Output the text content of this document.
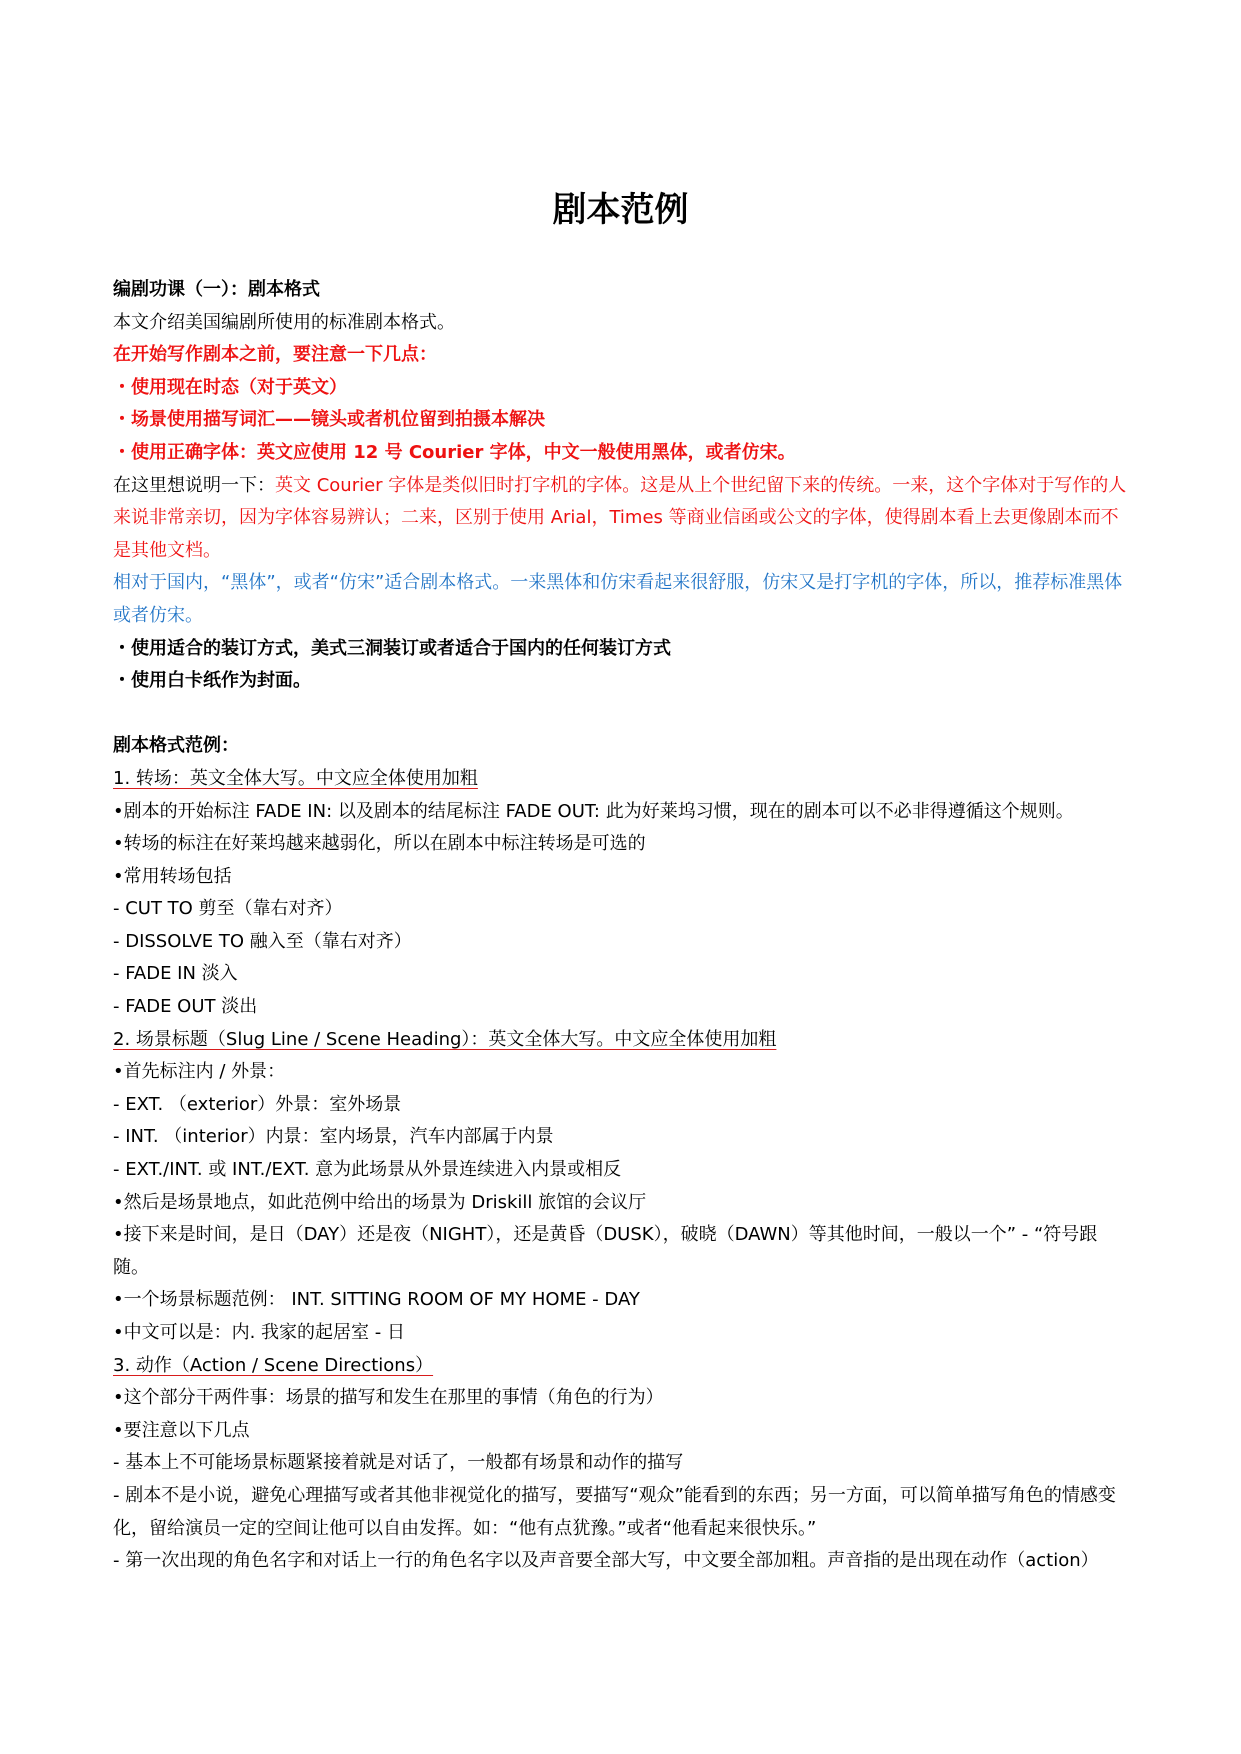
剧本范例

编剧功课（一）：剧本格式

本文介绍美国编剧所使用的标准剧本格式。

在开始写作剧本之前，要注意一下几点：

・使用现在时态（对于英文）

・场景使用描写词汇——镜头或者机位留到拍摄本解决

・使用正确字体：英文应使用 12 号 Courier 字体，中文一般使用黑体，或者仿宋。

在这里想说明一下：英文 Courier 字体是类似旧时打字机的字体。这是从上个世纪留下来的传统。一来，这个字体对于写作的人来说非常亲切，因为字体容易辨认；二来，区别于使用 Arial，Times 等商业信函或公文的字体，使得剧本看上去更像剧本而不是其他文档。

相对于国内，“黑体”，或者“仿宋”适合剧本格式。一来黑体和仿宋看起来很舒服，仿宋又是打字机的字体，所以，推荐标准黑体或者仿宋。

・使用适合的装订方式，美式三洞装订或者适合于国内的任何装订方式

・使用白卡纸作为封面。

剧本格式范例：

1. 转场：英文全体大写。中文应全体使用加粗

•剧本的开始标注 FADE IN: 以及剧本的结尾标注 FADE OUT: 此为好莱坞习惯，现在的剧本可以不必非得遵循这个规则。

•转场的标注在好莱坞越来越弱化，所以在剧本中标注转场是可选的

•常用转场包括

- CUT TO 剪至（靠右对齐）

- DISSOLVE TO 融入至（靠右对齐）

- FADE IN 淡入

- FADE OUT 淡出

2. 场景标题（Slug Line / Scene Heading）：英文全体大写。中文应全体使用加粗

•首先标注内 / 外景：

- EXT. （exterior）外景：室外场景

- INT. （interior）内景：室内场景，汽车内部属于内景

- EXT./INT. 或 INT./EXT. 意为此场景从外景连续进入内景或相反

•然后是场景地点，如此范例中给出的场景为 Driskill 旅馆的会议厅

•接下来是时间，是日（DAY）还是夜（NIGHT），还是黄昏（DUSK），破晓（DAWN）等其他时间，一般以一个” - “符号跟随。

•一个场景标题范例： INT. SITTING ROOM OF MY HOME - DAY

•中文可以是：内. 我家的起居室 - 日

3. 动作（Action / Scene Directions）

•这个部分干两件事：场景的描写和发生在那里的事情（角色的行为）

•要注意以下几点

- 基本上不可能场景标题紧接着就是对话了，一般都有场景和动作的描写

- 剧本不是小说，避免心理描写或者其他非视觉化的描写，要描写“观众”能看到的东西；另一方面，可以简单描写角色的情感变化，留给演员一定的空间让他可以自由发挥。如：“他有点犹豫。”或者“他看起来很快乐。”

- 第一次出现的角色名字和对话上一行的角色名字以及声音要全部大写，中文要全部加粗。声音指的是出现在动作（action）
